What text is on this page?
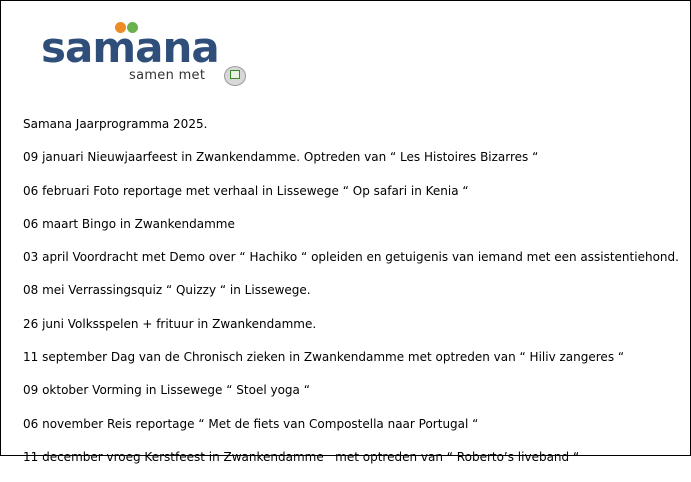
samana
samen met
Samana Jaarprogramma 2025.
09 januari Nieuwjaarfeest in Zwankendamme. Optreden van “ Les Histoires Bizarres “
06 februari Foto reportage met verhaal in Lissewege “ Op safari in Kenia “
06 maart Bingo in Zwankendamme
03 april Voordracht met Demo over “ Hachiko “ opleiden en getuigenis van iemand met een assistentiehond.
08 mei Verrassingsquiz “ Quizzy “ in Lissewege.
26 juni Volksspelen + frituur in Zwankendamme.
11 september Dag van de Chronisch zieken in Zwankendamme met optreden van “ Hiliv zangeres “
09 oktober Vorming in Lissewege “ Stoel yoga “
06 november Reis reportage “ Met de fiets van Compostella naar Portugal “
11 december vroeg Kerstfeest in Zwankendamme   met optreden van “ Roberto’s liveband “
